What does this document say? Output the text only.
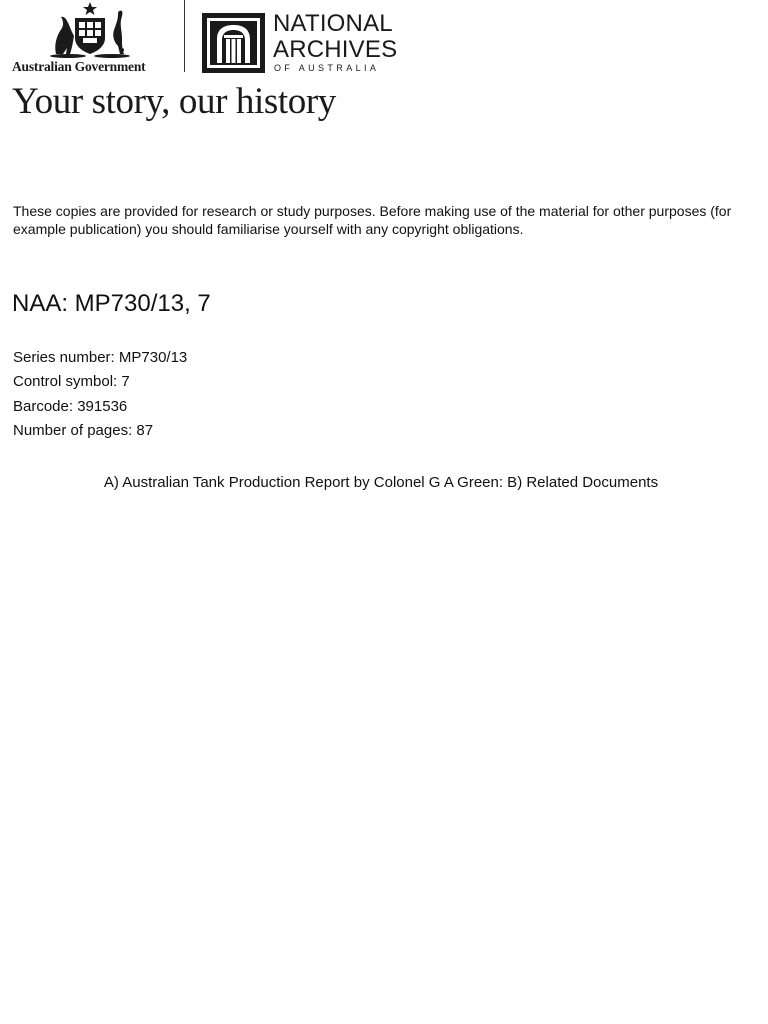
Australian Government
NATIONAL
ARCHIVES
OF AUSTRALIA
Your story, our history
These copies are provided for research or study purposes. Before making use of the material for other purposes (for example publication) you should familiarise yourself with any copyright obligations.
NAA: MP730/13, 7
Series number: MP730/13
Control symbol: 7
Barcode: 391536
Number of pages: 87
A) Australian Tank Production Report by Colonel G A Green: B) Related Documents
